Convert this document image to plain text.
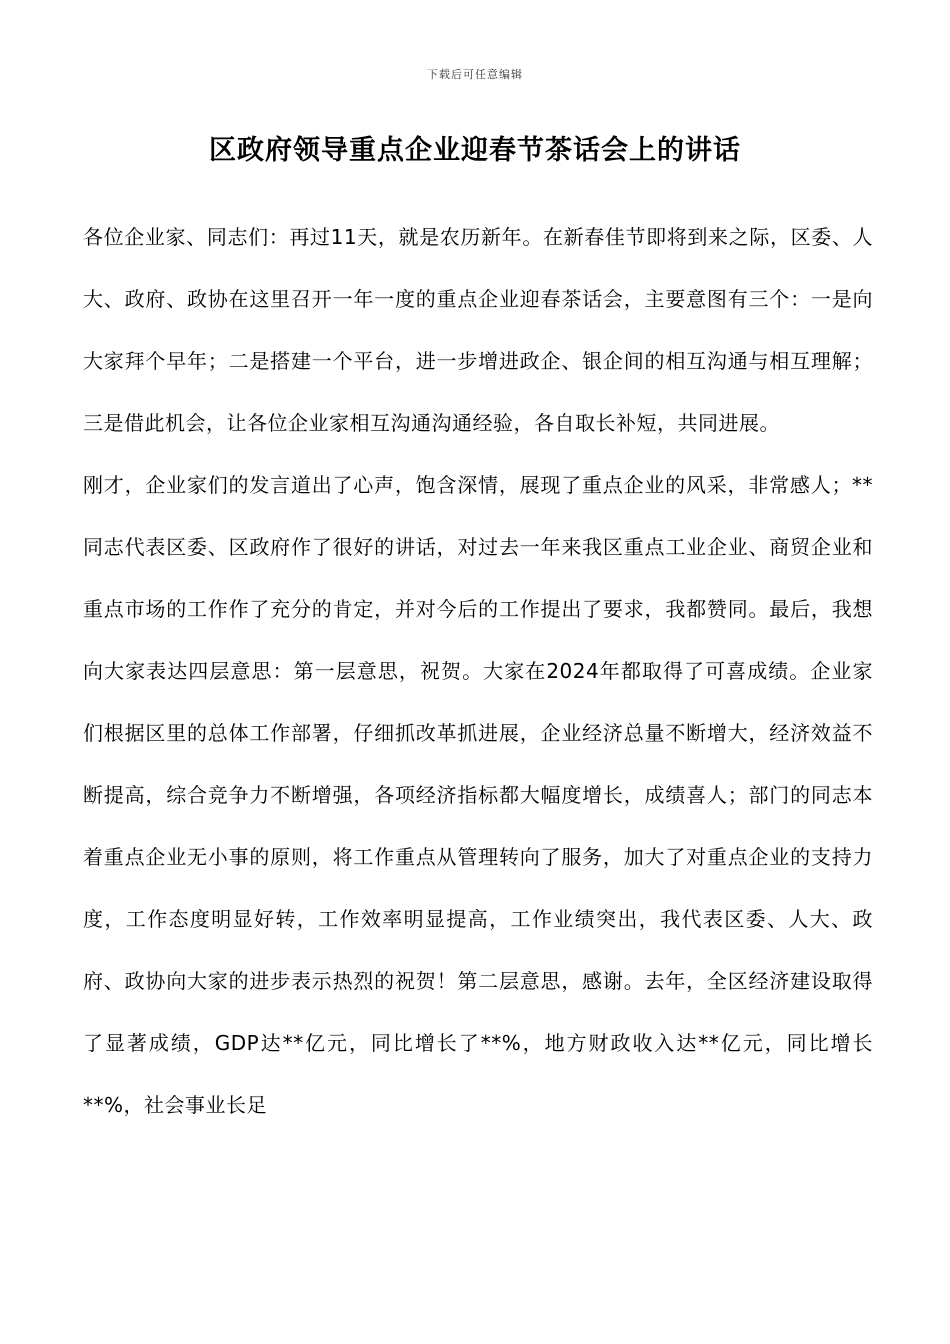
下载后可任意编辑
区政府领导重点企业迎春节茶话会上的讲话

各位企业家、同志们：再过11天，就是农历新年。在新春佳节即将到来之际，区委、人大、政府、政协在这里召开一年一度的重点企业迎春茶话会，主要意图有三个：一是向大家拜个早年；二是搭建一个平台，进一步增进政企、银企间的相互沟通与相互理解；三是借此机会，让各位企业家相互沟通沟通经验，各自取长补短，共同进展。

刚才，企业家们的发言道出了心声，饱含深情，展现了重点企业的风采，非常感人；**同志代表区委、区政府作了很好的讲话，对过去一年来我区重点工业企业、商贸企业和重点市场的工作作了充分的肯定，并对今后的工作提出了要求，我都赞同。最后，我想向大家表达四层意思：第一层意思，祝贺。大家在2024年都取得了可喜成绩。企业家们根据区里的总体工作部署，仔细抓改革抓进展，企业经济总量不断增大，经济效益不断提高，综合竞争力不断增强，各项经济指标都大幅度增长，成绩喜人；部门的同志本着重点企业无小事的原则，将工作重点从管理转向了服务，加大了对重点企业的支持力度，工作态度明显好转，工作效率明显提高，工作业绩突出，我代表区委、人大、政府、政协向大家的进步表示热烈的祝贺！第二层意思，感谢。去年，全区经济建设取得了显著成绩，GDP达**亿元，同比增长了**%，地方财政收入达**亿元，同比增长**%，社会事业长足
